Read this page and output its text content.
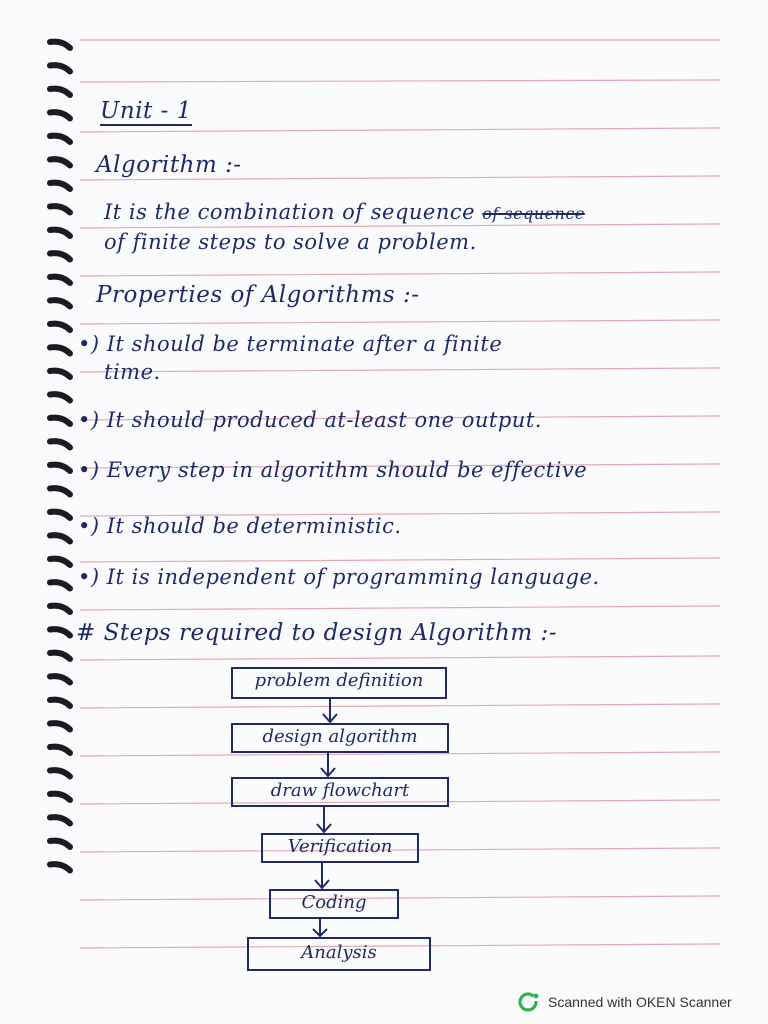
Unit - 1
Algorithm :-
It is the combination of sequence of sequence
of finite steps to solve a problem.
Properties of Algorithms :-
•) It should be terminate after a finite
time.
•) It should produced at-least one output.
•) Every step in algorithm should be effective
•) It should be deterministic.
•) It is independent of programming language.
# Steps required to design Algorithm :-
problem definition
design algorithm
draw flowchart
Verification
Coding
Analysis
Scanned with OKEN Scanner
